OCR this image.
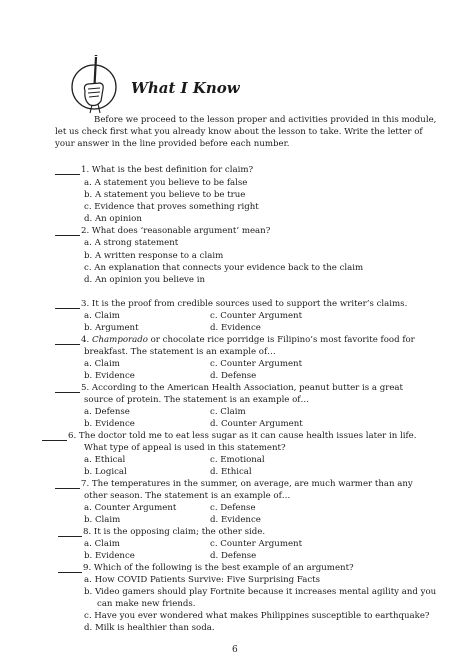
What I Know
Before we proceed to the lesson proper and activities provided in this module,
let us check first what you already know about the lesson to take. Write the letter of
your answer in the line provided before each number.
1. What is the best definition for claim?
a. A statement you believe to be false
b. A statement you believe to be true
c. Evidence that proves something right
d. An opinion
2. What does ‘reasonable argument’ mean?
a. A strong statement
b. A written response to a claim
c. An explanation that connects your evidence back to the claim
d. An opinion you believe in
3. It is the proof from credible sources used to support the writer’s claims.
a. Claim	c. Counter Argument
b. Argument	d. Evidence
4. Champorado or chocolate rice porridge is Filipino’s most favorite food for
breakfast. The statement is an example of…
a. Claim	c. Counter Argument
b. Evidence	d. Defense
5. According to the American Health Association, peanut butter is a great
source of protein. The statement is an example of…
a. Defense	c. Claim
b. Evidence	d. Counter Argument
6. The doctor told me to eat less sugar as it can cause health issues later in life.
What type of appeal is used in this statement?
a. Ethical	c. Emotional
b. Logical	d. Ethical
7. The temperatures in the summer, on average, are much warmer than any
other season. The statement is an example of…
a. Counter Argument	c. Defense
b. Claim	d. Evidence
8. It is the opposing claim; the other side.
a. Claim	c. Counter Argument
b. Evidence	d. Defense
9. Which of the following is the best example of an argument?
a. How COVID Patients Survive: Five Surprising Facts
b. Video gamers should play Fortnite because it increases mental agility and you
can make new friends.
c. Have you ever wondered what makes Philippines susceptible to earthquake?
d. Milk is healthier than soda.
6
